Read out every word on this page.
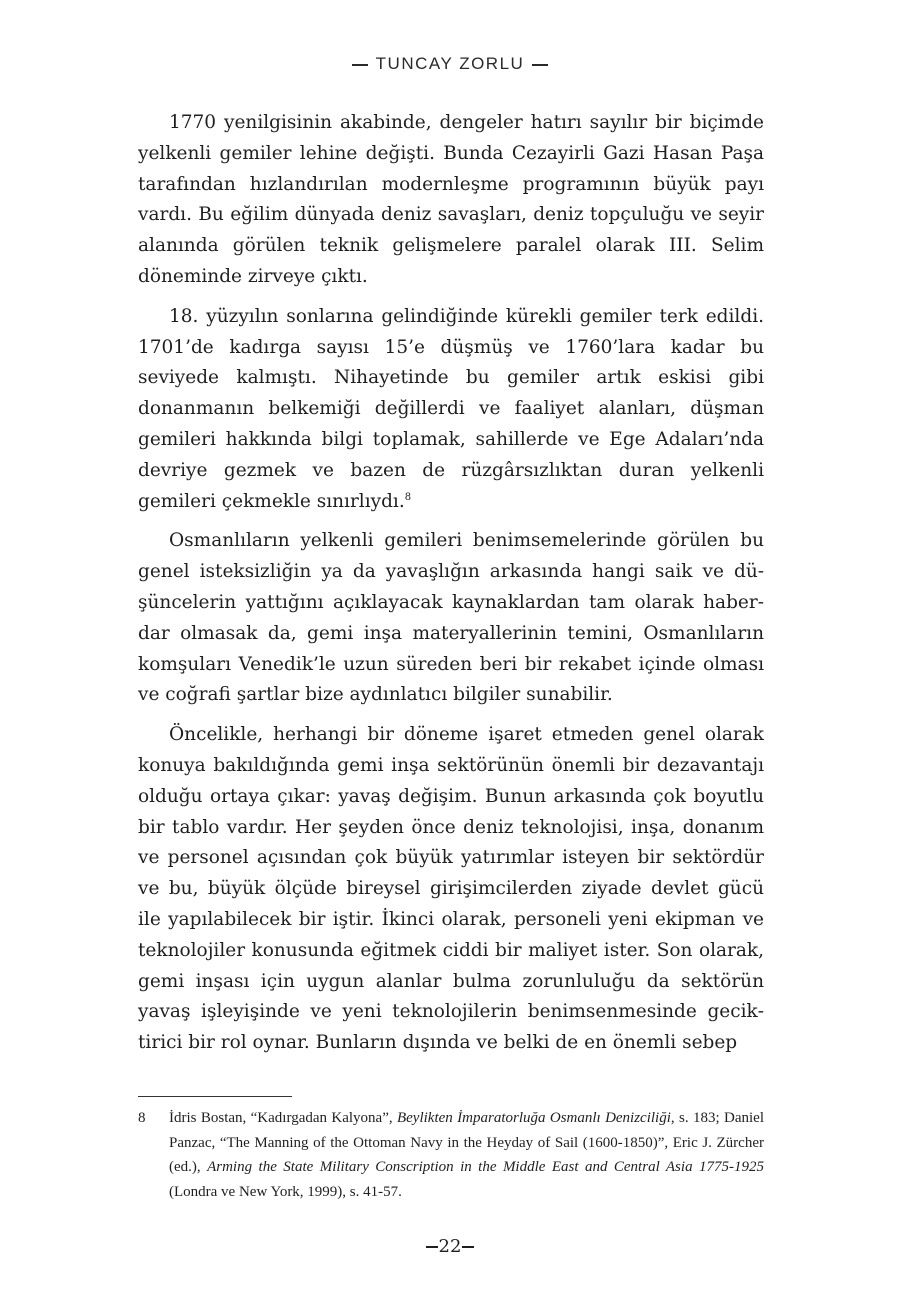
TUNCAY ZORLU

1770 yenilgisinin akabinde, dengeler hatırı sayılır bir biçimde yelkenli gemiler lehine değişti. Bunda Cezayirli Gazi Hasan Paşa tarafından hızlandırılan modernleşme programının büyük payı vardı. Bu eğilim dünyada deniz savaşları, deniz topçuluğu ve seyir alanında görülen teknik gelişmelere paralel olarak III. Selim döneminde zirveye çıktı.

18. yüzyılın sonlarına gelindiğinde kürekli gemiler terk edildi. 1701’de kadırga sayısı 15’e düşmüş ve 1760’lara kadar bu seviyede kalmıştı. Nihayetinde bu gemiler artık eskisi gibi donanmanın belkemiği değillerdi ve faaliyet alanları, düşman gemileri hakkında bilgi toplamak, sahillerde ve Ege Adaları’nda devriye gezmek ve bazen de rüzgârsızlıktan duran yelkenli gemileri çekmekle sınırlıydı.$^8$

Osmanlıların yelkenli gemileri benimsemelerinde görülen bu genel isteksizliğin ya da yavaşlığın arkasında hangi saik ve düşüncelerin yattığını açıklayacak kaynaklardan tam olarak haberdar olmasak da, gemi inşa materyallerinin temini, Osmanlıların komşuları Venedik’le uzun süreden beri bir rekabet içinde olması ve coğrafi şartlar bize aydınlatıcı bilgiler sunabilir.

Öncelikle, herhangi bir döneme işaret etmeden genel olarak konuya bakıldığında gemi inşa sektörünün önemli bir dezavantajı olduğu ortaya çıkar: yavaş değişim. Bunun arkasında çok boyutlu bir tablo vardır. Her şeyden önce deniz teknolojisi, inşa, donanım ve personel açısından çok büyük yatırımlar isteyen bir sektördür ve bu, büyük ölçüde bireysel girişimcilerden ziyade devlet gücü ile yapılabilecek bir iştir. İkinci olarak, personeli yeni ekipman ve teknolojiler konusunda eğitmek ciddi bir maliyet ister. Son olarak, gemi inşası için uygun alanlar bulma zorunluluğu da sektörün yavaş işleyişinde ve yeni teknolojilerin benimsenmesinde geciktirici bir rol oynar. Bunların dışında ve belki de en önemli sebep

8 İdris Bostan, “Kadırgadan Kalyona”, Beylikten İmparatorluğa Osmanlı Denizciliği, s. 183; Daniel Panzac, “The Manning of the Ottoman Navy in the Heyday of Sail (1600-1850)”, Eric J. Zürcher (ed.), Arming the State Military Conscription in the Middle East and Central Asia 1775-1925 (Londra ve New York, 1999), s. 41-57.
22
